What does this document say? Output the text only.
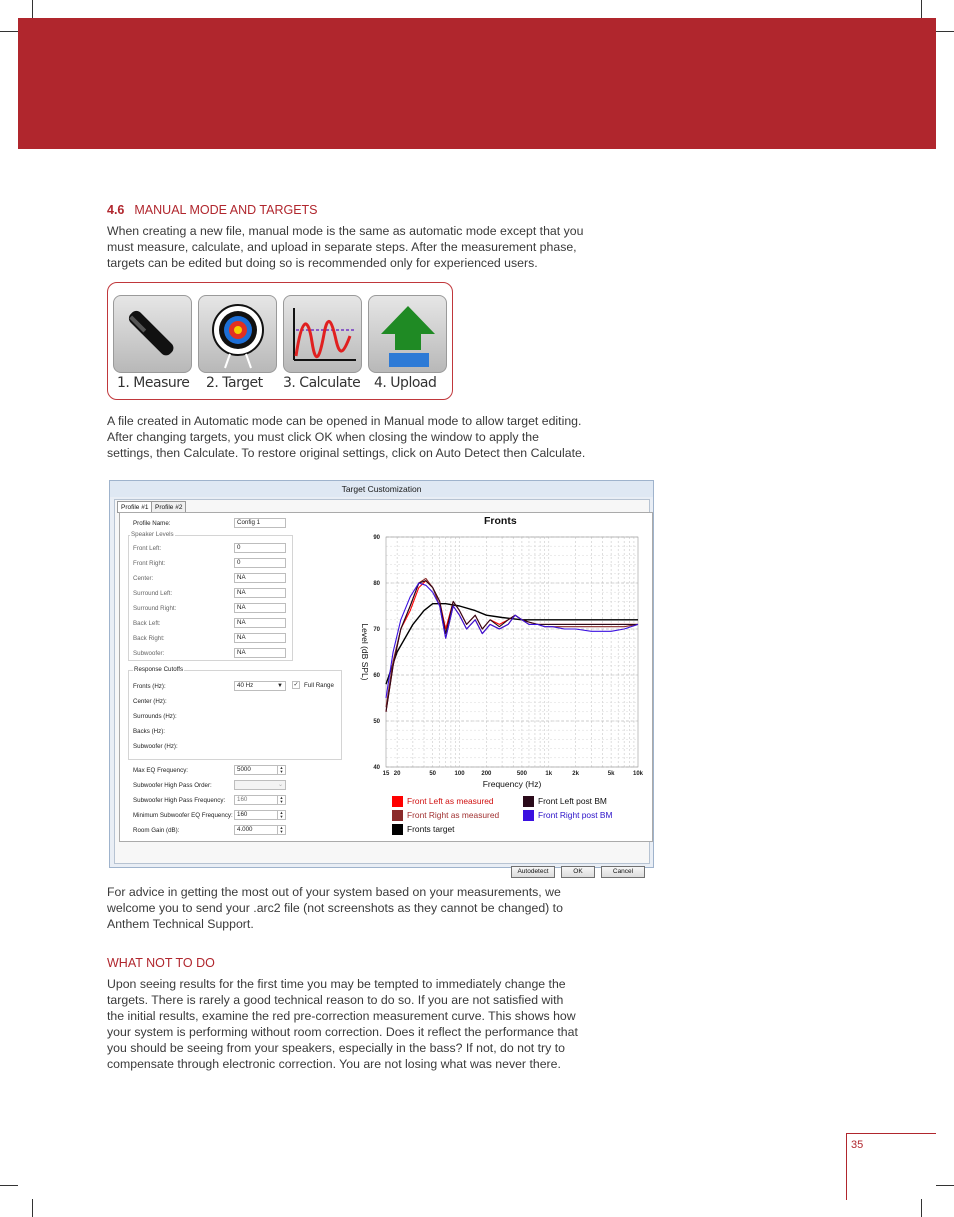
4.6 MANUAL MODE AND TARGETS
When creating a new file, manual mode is the same as automatic mode except that you
must measure, calculate, and upload in separate steps. After the measurement phase,
targets can be edited but doing so is recommended only for experienced users.
1. Measure 2. Target 3. Calculate 4. Upload
A file created in Automatic mode can be opened in Manual mode to allow target editing.
After changing targets, you must click OK when closing the window to apply the
settings, then Calculate. To restore original settings, click on Auto Detect then Calculate.
Target Customization
Profile #1	Profile #2
Profile Name:	Config 1
Speaker Levels
Front Left:	0
Front Right:	0
Center:	NA
Surround Left:	NA
Surround Right:	NA
Back Left:	NA
Back Right:	NA
Subwoofer:	NA
Response Cutoffs
Fronts (Hz):	40 Hz	▼ ✓ Full Range
Center (Hz):
Surrounds (Hz):
Backs (Hz):
Subwoofer (Hz):
Max EQ Frequency:	5000	▲
▼
Subwoofer High Pass Order:	⌄
Subwoofer High Pass Frequency:	160	▲
▼
Minimum Subwoofer EQ Frequency: 160	▲
▼
Room Gain (dB):	4.000	▲
▼
Fronts
40
50
60
70
80
90
15 20	50	100	200	500	1k	2k	5k	10k
Frequency (Hz)
Level (dB SPL)
Front Left as measured
Front Right as measured
Fronts target
Front Left post BM
Front Right post BM
Autodetect	OK	Cancel
For advice in getting the most out of your system based on your measurements, we
welcome you to send your .arc2 file (not screenshots as they cannot be changed) to
Anthem Technical Support.
WHAT NOT TO DO
Upon seeing results for the first time you may be tempted to immediately change the
targets. There is rarely a good technical reason to do so. If you are not satisfied with
the initial results, examine the red pre-correction measurement curve. This shows how
your system is performing without room correction. Does it reflect the performance that
you should be seeing from your speakers, especially in the bass? If not, do not try to
compensate through electronic correction. You are not losing what was never there.
35
